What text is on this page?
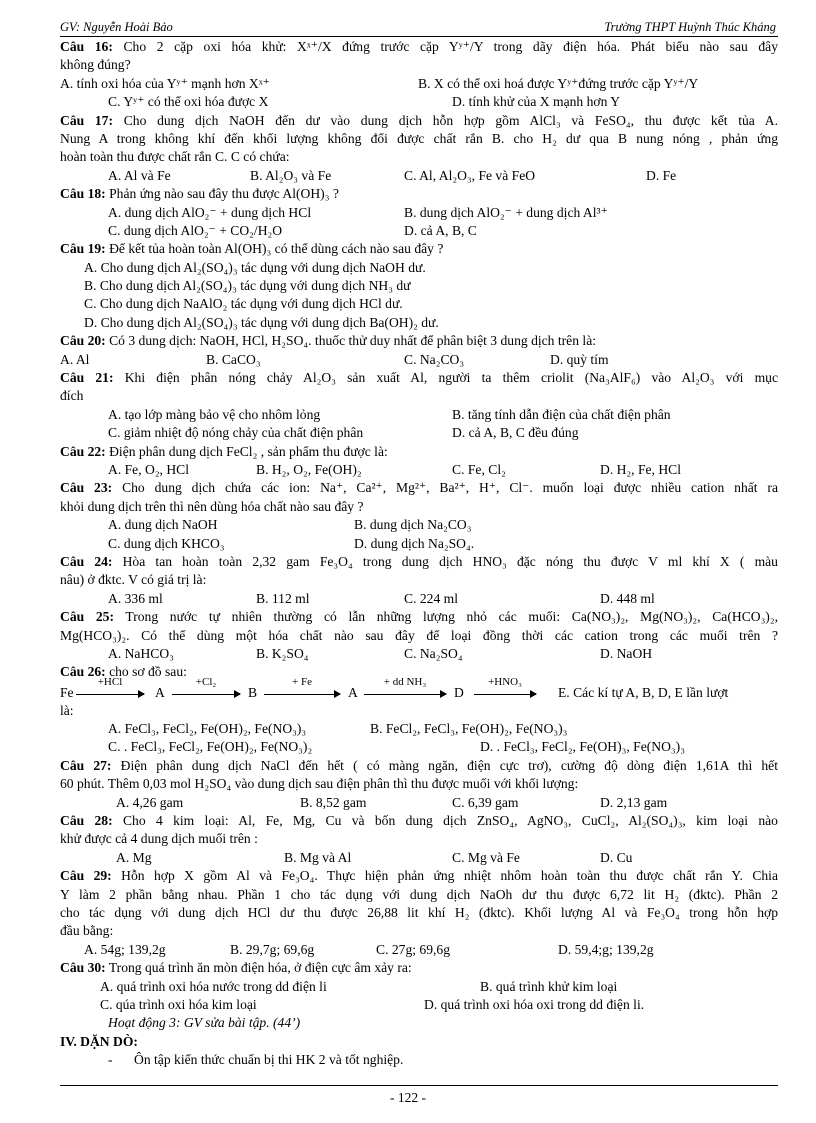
GV: Nguyễn Hoài Bảo	Trường THPT Huỳnh Thúc Kháng
Câu 16: Cho 2 cặp oxi hóa khử: Xˣ⁺/X đứng trước cặp Yʸ⁺/Y trong dãy điện hóa. Phát biểu nào sau đây
không đúng?
A. tính oxi hóa của Yʸ⁺ mạnh hơn Xˣ⁺	B. X có thể oxi hoá được Yʸ⁺đứng trước cặp Yʸ⁺/Y
C. Yʸ⁺ có thể oxi hóa được X	D. tính khử của X mạnh hơn Y
Câu 17: Cho dung dịch NaOH đến dư vào dung dịch hỗn hợp gồm AlCl₃ và FeSO₄, thu được kết tủa A.
Nung A trong không khí đến khối lượng không đổi được chất rắn B. cho H₂ dư qua B nung nóng , phản ứng
hoàn toàn thu được chất rắn C. C có chứa:
A. Al và Fe	B. Al₂O₃ và Fe	C. Al, Al₂O₃, Fe và FeO	D. Fe
Câu 18: Phản ứng nào sau đây thu được Al(OH)₃ ?
A. dung dịch AlO₂⁻ + dung dịch HCl	B. dung dịch AlO₂⁻ + dung dịch Al³⁺
C. dung dịch AlO₂⁻ + CO₂/H₂O	D. cả A, B, C
Câu 19: Để kết tủa hoàn toàn Al(OH)₃ có thể dùng cách nào sau đây ?
A. Cho dung dịch Al₂(SO₄)₃ tác dụng với dung dịch NaOH dư.
B. Cho dung dịch Al₂(SO₄)₃ tác dụng với dung dịch NH₃ dư
C. Cho dung dịch NaAlO₂ tác dụng với dung dịch HCl dư.
D. Cho dung dịch Al₂(SO₄)₃ tác dụng với dung dịch Ba(OH)₂ dư.
Câu 20: Có 3 dung dịch: NaOH, HCl, H₂SO₄. thuốc thử duy nhất để phân biệt 3 dung dịch trên là:
A. Al	B. CaCO₃	C. Na₂CO₃	D. quỳ tím
Câu 21: Khi điện phân nóng chảy Al₂O₃ sản xuất Al, người ta thêm criolit (Na₃AlF₆) vào Al₂O₃ với mục
đích
A. tạo lớp màng bảo vệ cho nhôm lỏng	B. tăng tính dẫn điện của chất điện phân
C. giảm nhiệt độ nóng chảy của chất điện phân	D. cả A, B, C đều đúng
Câu 22: Điện phân dung dịch FeCl₂ , sản phẩm thu được là:
A. Fe, O₂, HCl	B. H₂, O₂, Fe(OH)₂	C. Fe, Cl₂	D. H₂, Fe, HCl
Câu 23: Cho dung dịch chứa các ion: Na⁺, Ca²⁺, Mg²⁺, Ba²⁺, H⁺, Cl⁻. muốn loại được nhiều cation nhất ra
khỏi dung dịch trên thì nên dùng hóa chất nào sau đây ?
A. dung dịch NaOH	B. dung dịch Na₂CO₃
C. dung dịch KHCO₃	D. dung dịch Na₂SO₄.
Câu 24: Hòa tan hoàn toàn 2,32 gam Fe₃O₄ trong dung dịch HNO₃ đặc nóng thu được V ml khí X ( màu
nâu) ở đktc. V có giá trị là:
A. 336 ml	B. 112 ml	C. 224 ml	D. 448 ml
Câu 25: Trong nước tự nhiên thường có lẫn những lượng nhỏ các muối: Ca(NO₃)₂, Mg(NO₃)₂, Ca(HCO₃)₂,
Mg(HCO₃)₂. Có thể dùng một hóa chất nào sau đây để loại đồng thời các cation trong các muối trên ?
A. NaHCO₃	B. K₂SO₄	C. Na₂SO₄	D. NaOH
Câu 26: cho sơ đồ sau:
Fe
+HCl
A
+Cl₂
B
+ Fe
A
+ dd NH₃
D
+HNO₃
E. Các kí tự A, B, D, E lần lượt
là:
A. FeCl₃, FeCl₂, Fe(OH)₂, Fe(NO₃)₃	B. FeCl₂, FeCl₃, Fe(OH)₂, Fe(NO₃)₃
C. . FeCl₃, FeCl₂, Fe(OH)₂, Fe(NO₃)₂	D. . FeCl₃, FeCl₂, Fe(OH)₃, Fe(NO₃)₃
Câu 27: Điện phân dung dịch NaCl đến hết ( có màng ngăn, điện cực trơ), cường độ dòng điện 1,61A thì hết
60 phút. Thêm 0,03 mol H₂SO₄ vào dung dịch sau điện phân thì thu được muối với khối lượng:
A. 4,26 gam	B. 8,52 gam	C. 6,39 gam	D. 2,13 gam
Câu 28: Cho 4 kim loại: Al, Fe, Mg, Cu và bốn dung dịch ZnSO₄, AgNO₃, CuCl₂, Al₂(SO₄)₃, kim loại nào
khử được cả 4 dung dịch muối trên :
A. Mg	B. Mg và Al	C. Mg và Fe	D. Cu
Câu 29: Hỗn hợp X gồm Al và Fe₃O₄. Thực hiện phản ứng nhiệt nhôm hoàn toàn thu được chất rắn Y. Chia
Y làm 2 phần bằng nhau. Phần 1 cho tác dụng với dung dịch NaOh dư thu được 6,72 lit H₂ (đktc). Phần 2
cho tác dụng với dung dịch HCl dư thu được 26,88 lit khí H₂ (đktc). Khối lượng Al và Fe₃O₄ trong hỗn hợp
đầu bằng:
A. 54g; 139,2g	B. 29,7g; 69,6g	C. 27g; 69,6g	D. 59,4;g; 139,2g
Câu 30: Trong quá trình ăn mòn điện hóa, ở điện cực âm xảy ra:
A. quá trình oxi hóa nước trong dd điện li	B. quá trình khử kim loại
C. qúa trình oxi hóa kim loại	D. quá trình oxi hóa oxi trong dd điện li.
Hoạt động 3: GV sửa bài tập. (44’)
IV. DẶN DÒ:
- Ôn tập kiến thức chuẩn bị thi HK 2 và tốt nghiệp.
- 122 -
